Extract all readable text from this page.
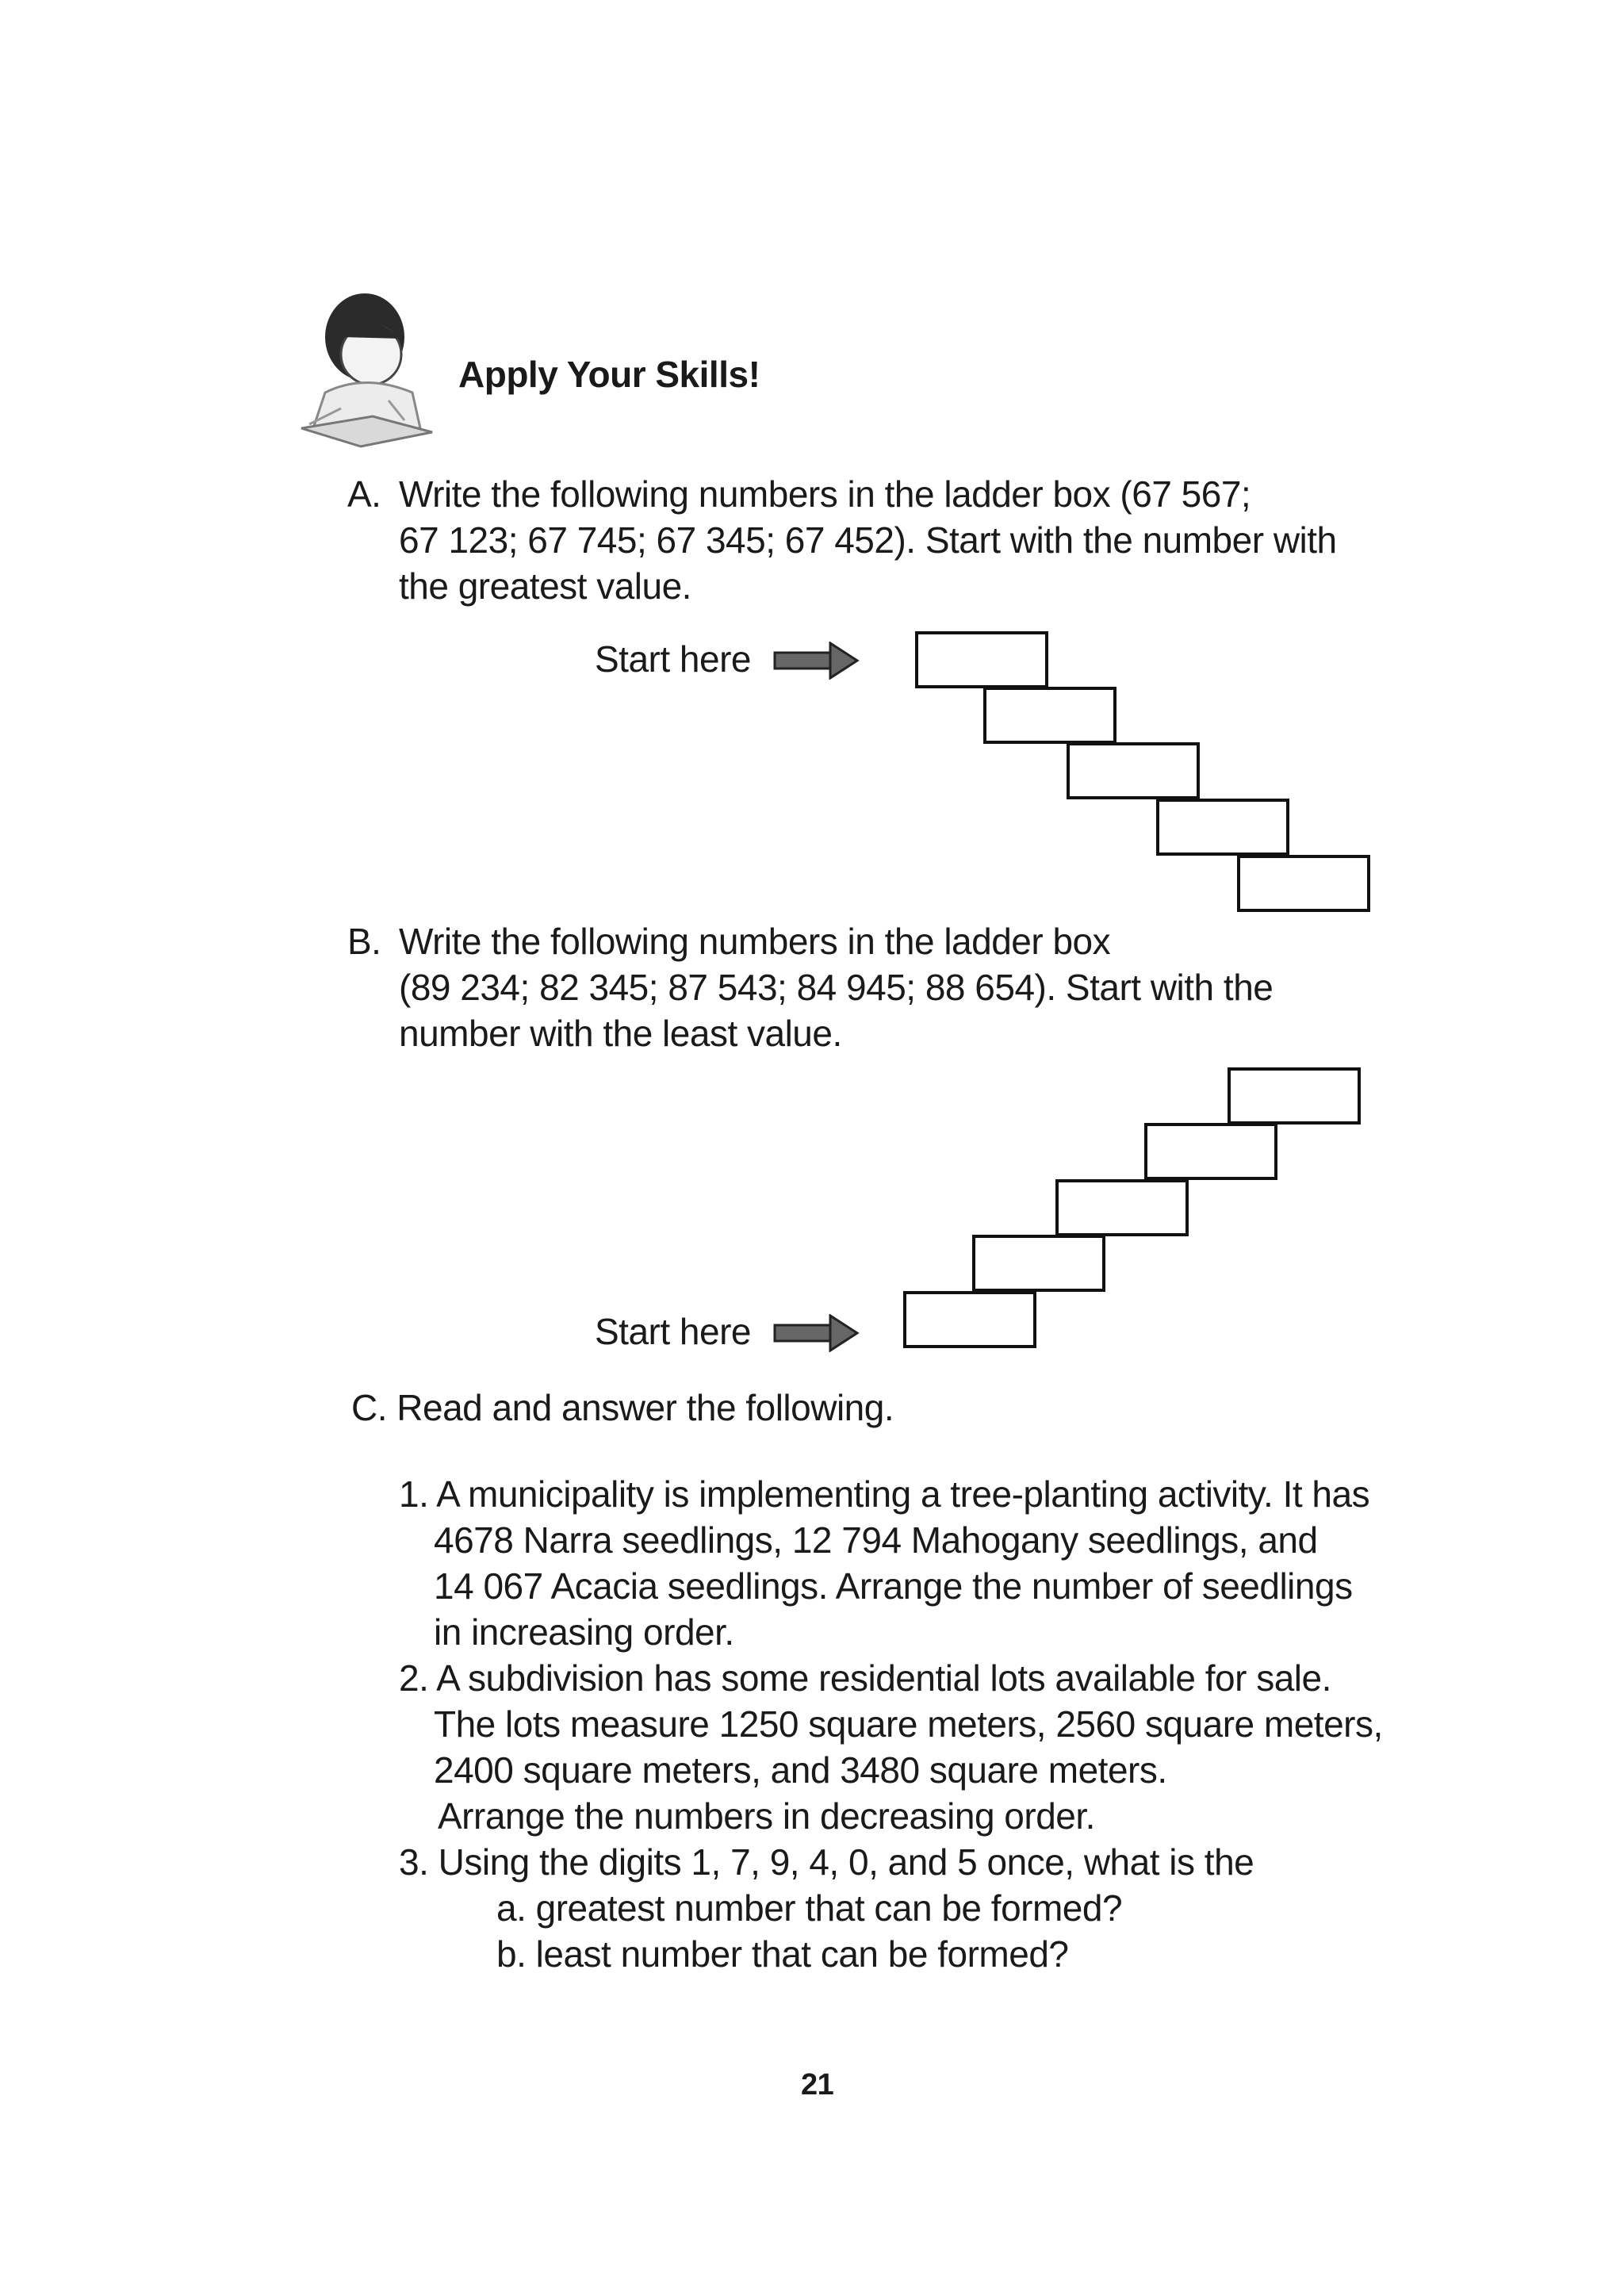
Apply Your Skills!
A. Write the following numbers in the ladder box (67 567;
67 123; 67 745; 67 345; 67 452). Start with the number with
the greatest value.
Start here
B. Write the following numbers in the ladder box
(89 234; 82 345; 87 543; 84 945; 88 654). Start with the
number with the least value.
Start here
C. Read and answer the following.
1. A municipality is implementing a tree-planting activity. It has
4678 Narra seedlings, 12 794 Mahogany seedlings, and
14 067 Acacia seedlings. Arrange the number of seedlings
in increasing order.
2. A subdivision has some residential lots available for sale.
The lots measure 1250 square meters, 2560 square meters,
2400 square meters, and 3480 square meters.
Arrange the numbers in decreasing order.
3. Using the digits 1, 7, 9, 4, 0, and 5 once, what is the
a. greatest number that can be formed?
b. least number that can be formed?
21
